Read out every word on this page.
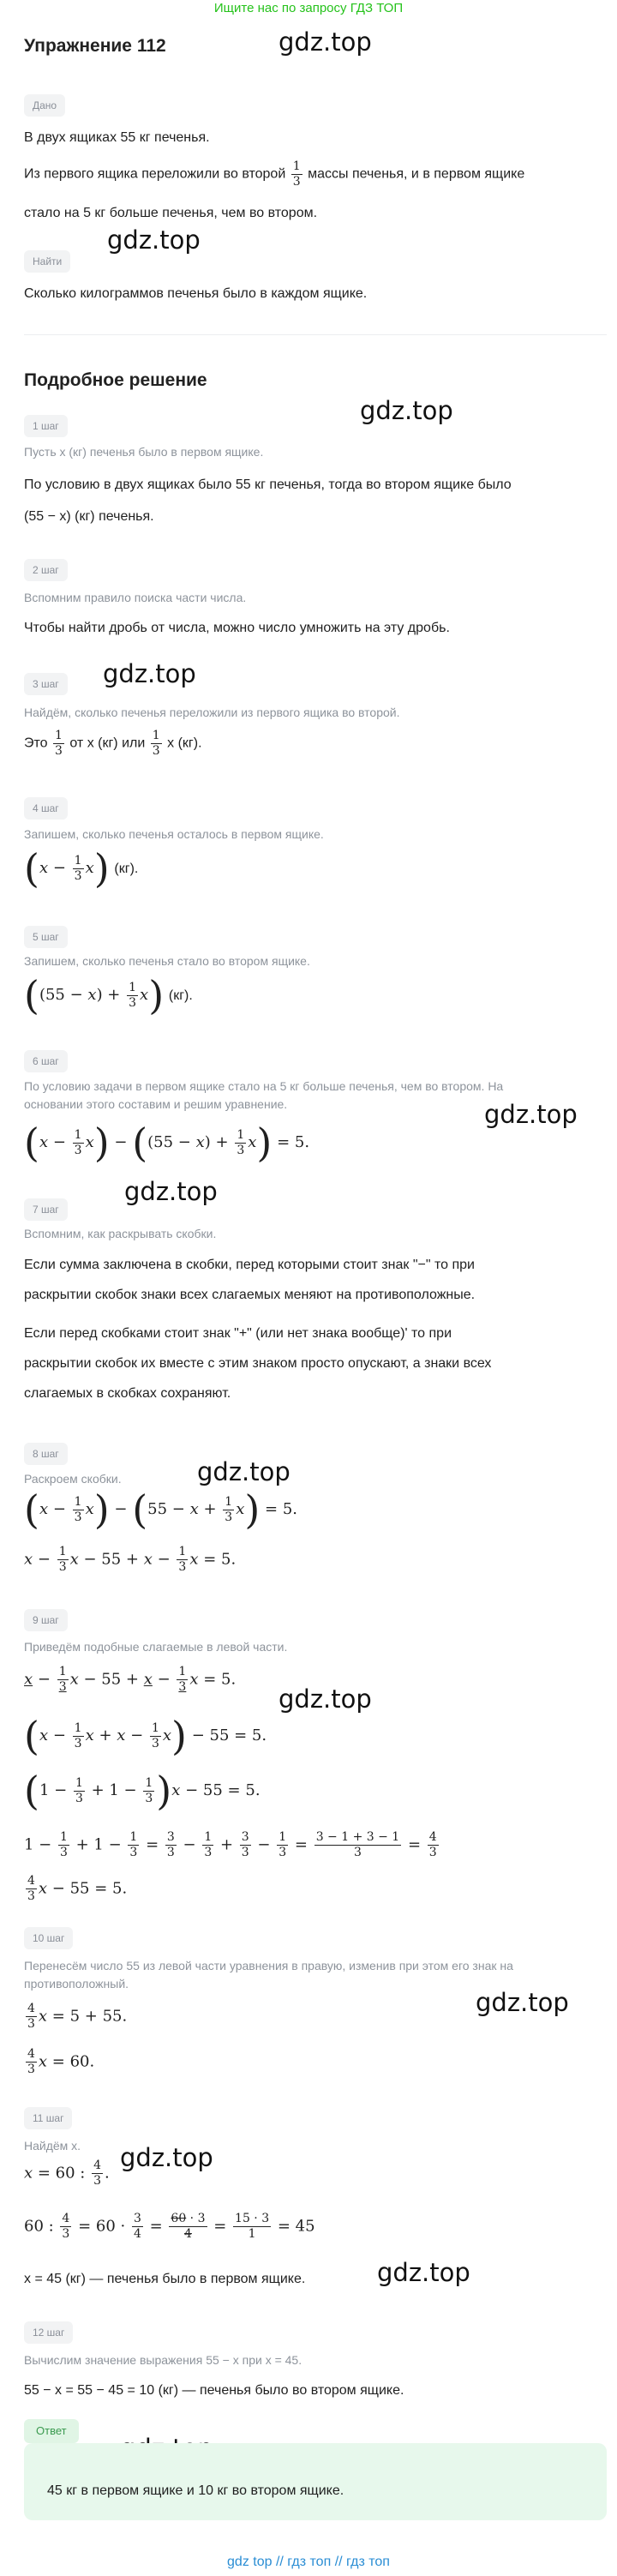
Ищите нас по запросу ГДЗ ТОП
gdz.top
gdz.top
gdz.top
gdz.top
gdz.top
gdz.top
gdz.top
gdz.top
gdz.top
gdz.top
gdz.top
Упражнение 112
Дано
В двух ящиках 55 кг печенья.
Из первого ящика переложили во второй $\frac{1}{3}$ массы печенья, и в первом ящике
стало на 5 кг больше печенья, чем во втором.
Найти
Сколько килограммов печенья было в каждом ящике.
Подробное решение
1 шаг
Пусть x (кг) печенья было в первом ящике.
По условию в двух ящиках было 55 кг печенья, тогда во втором ящике было
(55 − x) (кг) печенья.
2 шаг
Вспомним правило поиска части числа.
Чтобы найти дробь от числа, можно число умножить на эту дробь.
3 шаг
Найдём, сколько печенья переложили из первого ящика во второй.
Это $\frac{1}{3}$ от x (кг) или $\frac{1}{3}$ x (кг).
4 шаг
Запишем, сколько печенья осталось в первом ящике.
$(x - \frac{1}{3} x)$ (кг).
5 шаг
Запишем, сколько печенья стало во втором ящике.
$((55 - x) + \frac{1}{3} x)$ (кг).
6 шаг
По условию задачи в первом ящике стало на 5 кг больше печенья, чем во втором. На
основании этого составим и решим уравнение.
$(x - \frac{1}{3} x) - ((55 - x) + \frac{1}{3} x) = 5$.
7 шаг
Вспомним, как раскрывать скобки.
Если сумма заключена в скобки, перед которыми стоит знак "−" то при
раскрытии скобок знаки всех слагаемых меняют на противоположные.
Если перед скобками стоит знак "+" (или нет знака вообще)' то при
раскрытии скобок их вместе с этим знаком просто опускают, а знаки всех
слагаемых в скобках сохраняют.
8 шаг
Раскроем скобки.
$(x - \frac{1}{3} x) - (55 - x + \frac{1}{3} x) = 5$.
$x - \frac{1}{3}$ $x - 55 + x - \frac{1}{3}$ x = 5.
9 шаг
Приведём подобные слагаемые в левой части.
$x - \frac{1}{3}$ $x - 55 + x - \frac{1}{3}$ x = 5.
($x - \frac{1}{3}$ $x + x - \frac{1}{3} x) - 55 = 5$.
$(1 - \frac{1}{3} + 1 - \frac{1}{3} )x - 55 = 5$.
$1 - \frac{1}{3} + 1 - \frac{1}{3} = \frac{3}{3} - \frac{1}{3} + \frac{3}{3} - \frac{1}{3} = \frac{3 - 1 + 3 - 1}{3} = \frac{4}{3}$
$\frac{4}{3}$ x − 55 = 5.
10 шаг
Перенесём число 55 из левой части уравнения в правую, изменив при этом его знак на
противоположный.
$\frac{4}{3}$ x = 5 + 55.
$\frac{4}{3}$ x = 60.
11 шаг
Найдём x.
x = 60 : $\frac{4}{3}$ .
60 : $\frac{4}{3} = 60 \cdot \frac{3}{4} = \frac{60 \cdot 3}{4} = \frac{15 \cdot 3}{1} = 45$
x = 45 (кг) — печенья было в первом ящике.
12 шаг
Вычислим значение выражения 55 − x при x = 45.
55 − x = 55 − 45 = 10 (кг) — печенья было во втором ящике.
Ответ
45 кг в первом ящике и 10 кг во втором ящике.
gdz top // гдз топ // гдз топ
